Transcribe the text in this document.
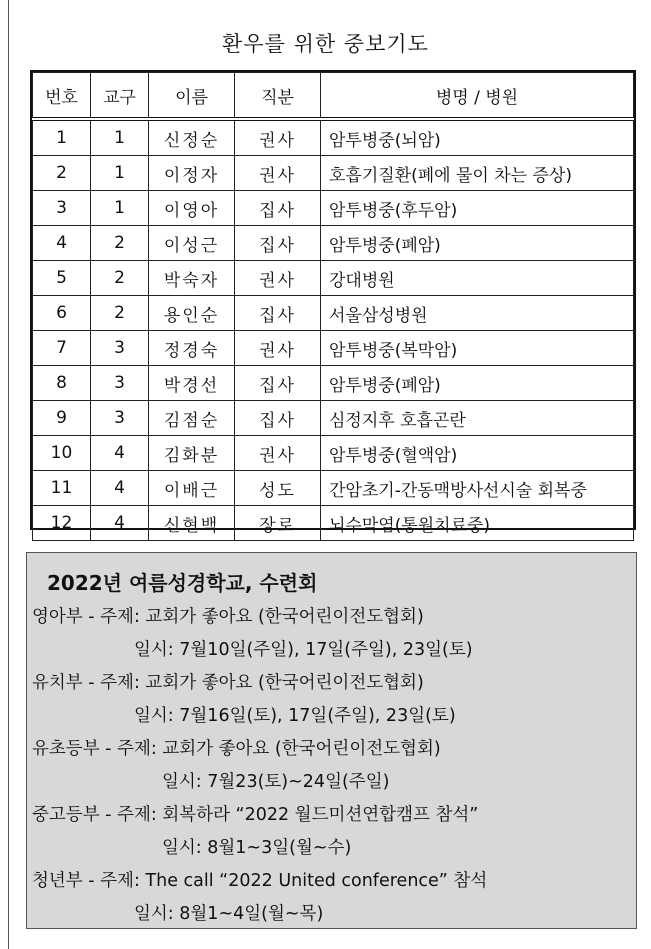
환우를 위한 중보기도
번호	교구	이름	직분	병명 / 병원
1	1	신정순	권사	암투병중(뇌암)
2	1	이정자	권사	호흡기질환(폐에 물이 차는 증상)
3	1	이영아	집사	암투병중(후두암)
4	2	이성근	집사	암투병중(폐암)
5	2	박숙자	권사	강대병원
6	2	용인순	집사	서울삼성병원
7	3	정경숙	권사	암투병중(복막암)
8	3	박경선	집사	암투병중(폐암)
9	3	김점순	집사	심정지후 호흡곤란
10	4	김화분	권사	암투병중(혈액암)
11	4	이배근	성도	간암초기-간동맥방사선시술 회복중
12	4	신현백	장로	뇌수막염(통원치료중)
2022년 여름성경학교, 수련회
영아부 - 주제: 교회가 좋아요 (한국어린이전도협회)
일시: 7월10일(주일), 17일(주일), 23일(토)
유치부 - 주제: 교회가 좋아요 (한국어린이전도협회)
일시: 7월16일(토), 17일(주일), 23일(토)
유초등부 - 주제: 교회가 좋아요 (한국어린이전도협회)
일시: 7월23(토)~24일(주일)
중고등부 - 주제: 회복하라 “2022 월드미션연합캠프 참석”
일시: 8월1~3일(월~수)
청년부 - 주제: The call “2022 United conference” 참석
일시: 8월1~4일(월~목)
